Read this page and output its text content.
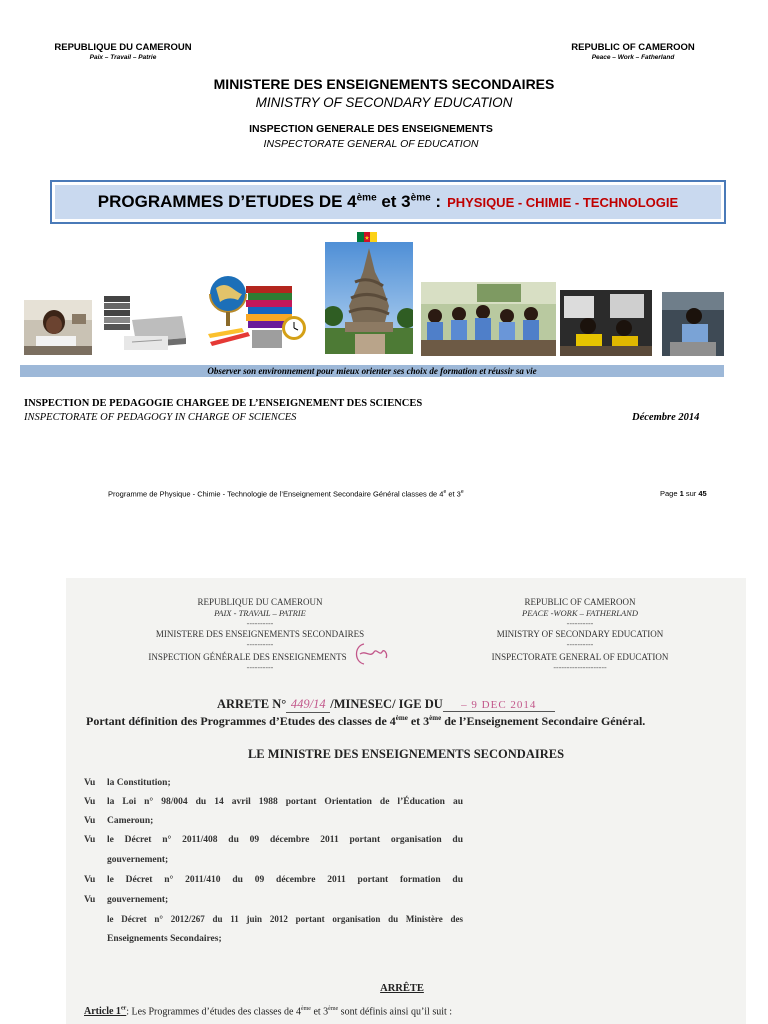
REPUBLIQUE DU CAMEROUN
Paix – Travail – Patrie
REPUBLIC OF CAMEROON
Peace – Work – Fatherland
MINISTERE DES ENSEIGNEMENTS SECONDAIRES
MINISTRY OF SECONDARY EDUCATION
INSPECTION GENERALE DES ENSEIGNEMENTS
INSPECTORATE GENERAL OF EDUCATION
PROGRAMMES D’ETUDES DE 4ème et 3ème : PHYSIQUE - CHIMIE - TECHNOLOGIE
Observer son environnement pour mieux orienter ses choix de formation et réussir sa vie
INSPECTION DE PEDAGOGIE CHARGEE DE L’ENSEIGNEMENT DES SCIENCES
INSPECTORATE OF PEDAGOGY IN CHARGE OF SCIENCES	Décembre 2014
Programme de Physique - Chimie - Technologie de l’Enseignement Secondaire Général classes de 4e et 3e	Page 1 sur 45
REPUBLIQUE DU CAMEROUN
PAIX - TRAVAIL – PATRIE
----------
MINISTERE DES ENSEIGNEMENTS SECONDAIRES
----------
INSPECTION GÉNÉRALE DES ENSEIGNEMENTS
----------
REPUBLIC OF CAMEROON
PEACE -WORK – FATHERLAND
----------
MINISTRY OF SECONDARY EDUCATION
----------
INSPECTORATE GENERAL OF EDUCATION
--------------------
ARRETE N° 449/14 /MINESEC/ IGE DU – 9 DEC 2014
Portant définition des Programmes d’Etudes des classes de 4ème et 3ème de l’Enseignement Secondaire Général.
LE MINISTRE DES ENSEIGNEMENTS SECONDAIRES
Vu
Vu
Vu
Vu
Vu
Vu
la Constitution;
la Loi n° 98/004 du 14 avril 1988 portant Orientation de l’Éducation au
Cameroun;
le Décret n° 2011/408 du 09 décembre 2011 portant organisation du
gouvernement;
le Décret n° 2011/410 du 09 décembre 2011 portant formation du
gouvernement;
le Décret n° 2012/267 du 11 juin 2012 portant organisation du Ministère des
Enseignements Secondaires;
ARRÊTE
Article 1er: Les Programmes d’études des classes de 4ème et 3ème sont définis ainsi qu’il suit :
